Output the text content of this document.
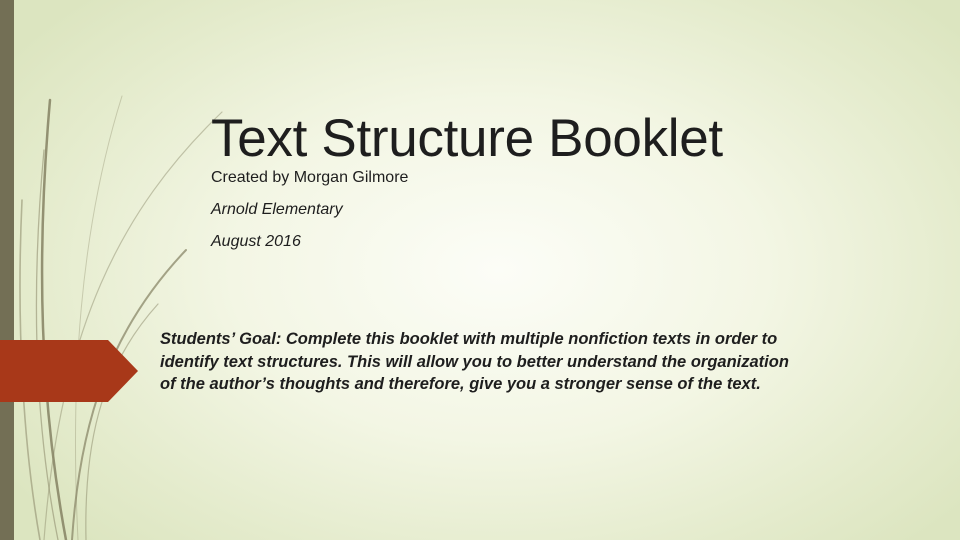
Text Structure Booklet

Created by Morgan Gilmore

Arnold Elementary

August 2016

Students’ Goal: Complete this booklet with multiple nonfiction texts in order to identify text structures. This will allow you to better understand the organization of the author’s thoughts and therefore, give you a stronger sense of the text.
